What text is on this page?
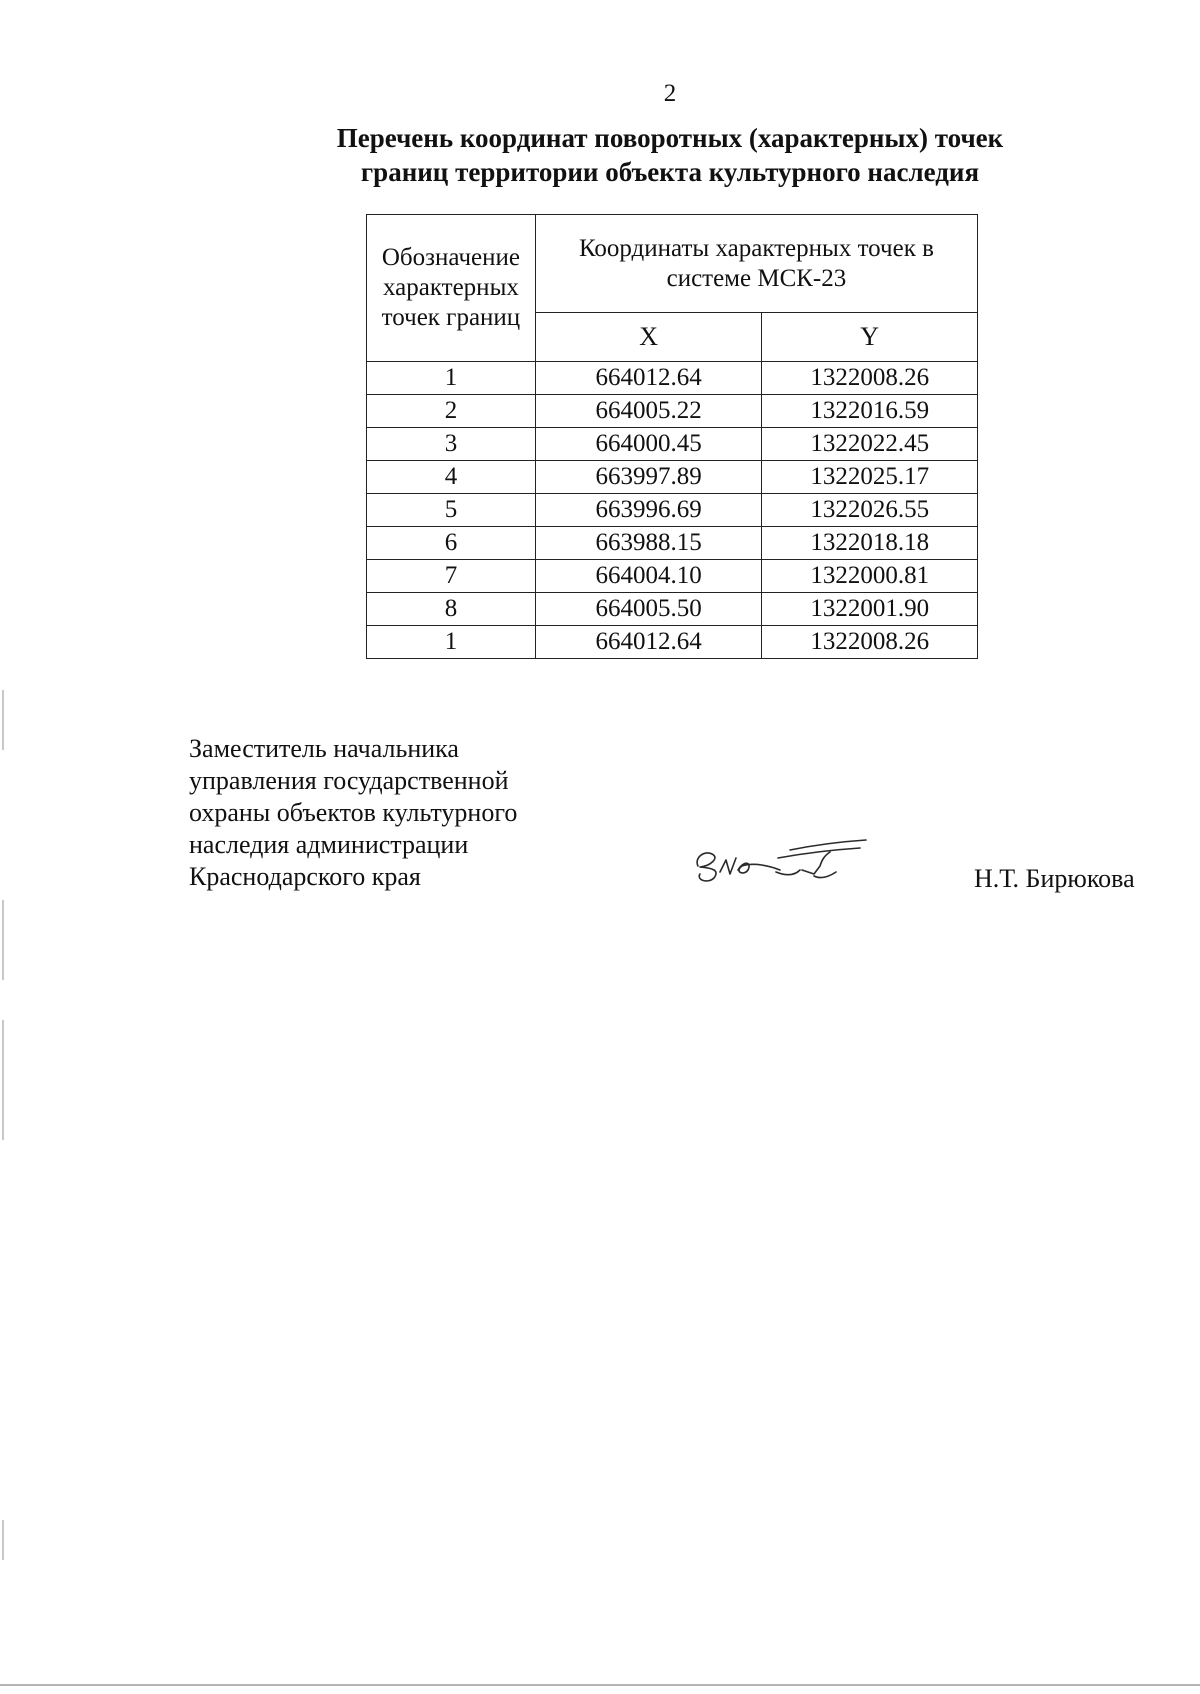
2
Перечень координат поворотных (характерных) точек
границ территории объекта культурного наследия
Обозначение
характерных
точек границ	Координаты характерных точек в
системе МСК-23	
	X	Y
1	664012.64	1322008.26
2	664005.22	1322016.59
3	664000.45	1322022.45
4	663997.89	1322025.17
5	663996.69	1322026.55
6	663988.15	1322018.18
7	664004.10	1322000.81
8	664005.50	1322001.90
1	664012.64	1322008.26
Заместитель начальника
управления государственной
охраны объектов культурного
наследия администрации
Краснодарского края	Н.Т. Бирюкова
